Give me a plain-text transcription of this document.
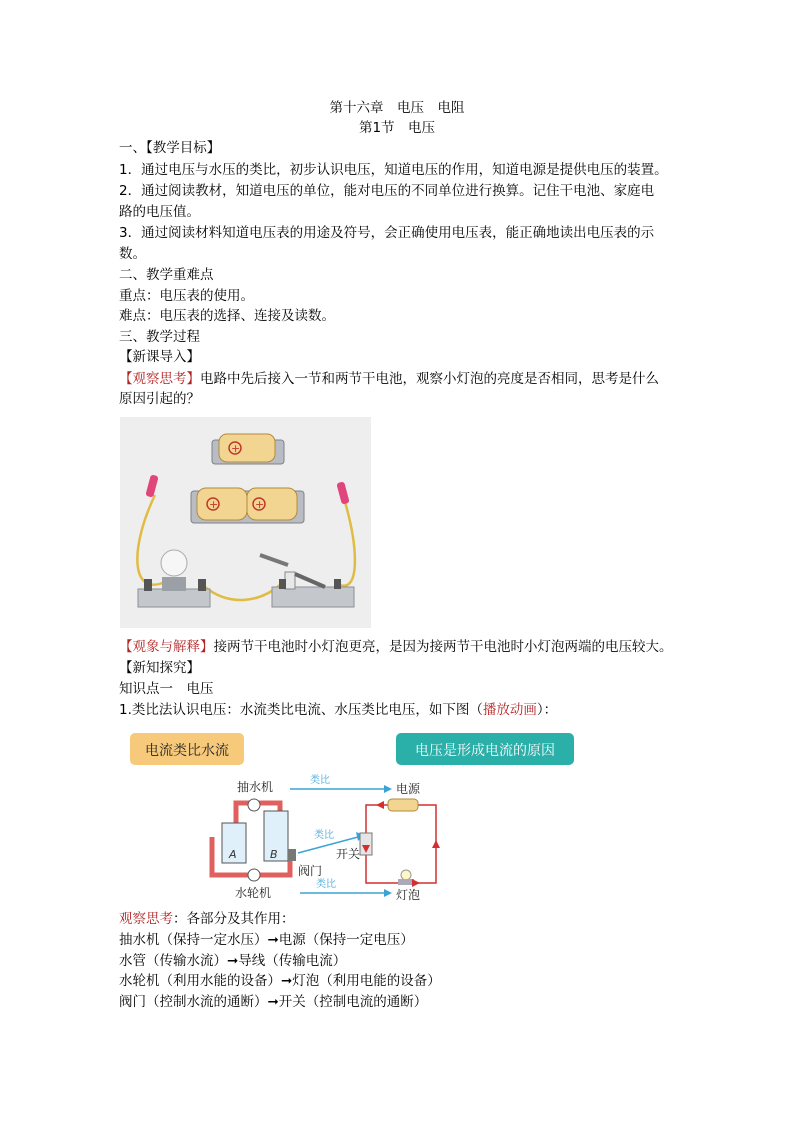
第十六章　电压　电阻
第1节　电压
一、【教学目标】
1．通过电压与水压的类比，初步认识电压，知道电压的作用，知道电源是提供电压的装置。
2．通过阅读教材，知道电压的单位，能对电压的不同单位进行换算。记住干电池、家庭电
路的电压值。
3．通过阅读材料知道电压表的用途及符号，会正确使用电压表，能正确地读出电压表的示
数。
二、教学重难点
重点：电压表的使用。
难点：电压表的选择、连接及读数。
三、教学过程
【新课导入】
【观察思考】电路中先后接入一节和两节干电池，观察小灯泡的亮度是否相同，思考是什么
原因引起的？
+
+	+
【观象与解释】接两节干电池时小灯泡更亮，是因为接两节干电池时小灯泡两端的电压较大。
【新知探究】
知识点一　电压
1.类比法认识电压：水流类比电流、水压类比电压，如下图（播放动画）：
电流类比水流	电压是形成电流的原因
A	B
抽水机
阀门
水轮机
类比
类比
类比
电源
开关
灯泡
观察思考：各部分及其作用：
抽水机（保持一定水压）➞电源（保持一定电压）
水管（传输水流）➞导线（传输电流）
水轮机（利用水能的设备）➞灯泡（利用电能的设备）
阀门（控制水流的通断）➞开关（控制电流的通断）
